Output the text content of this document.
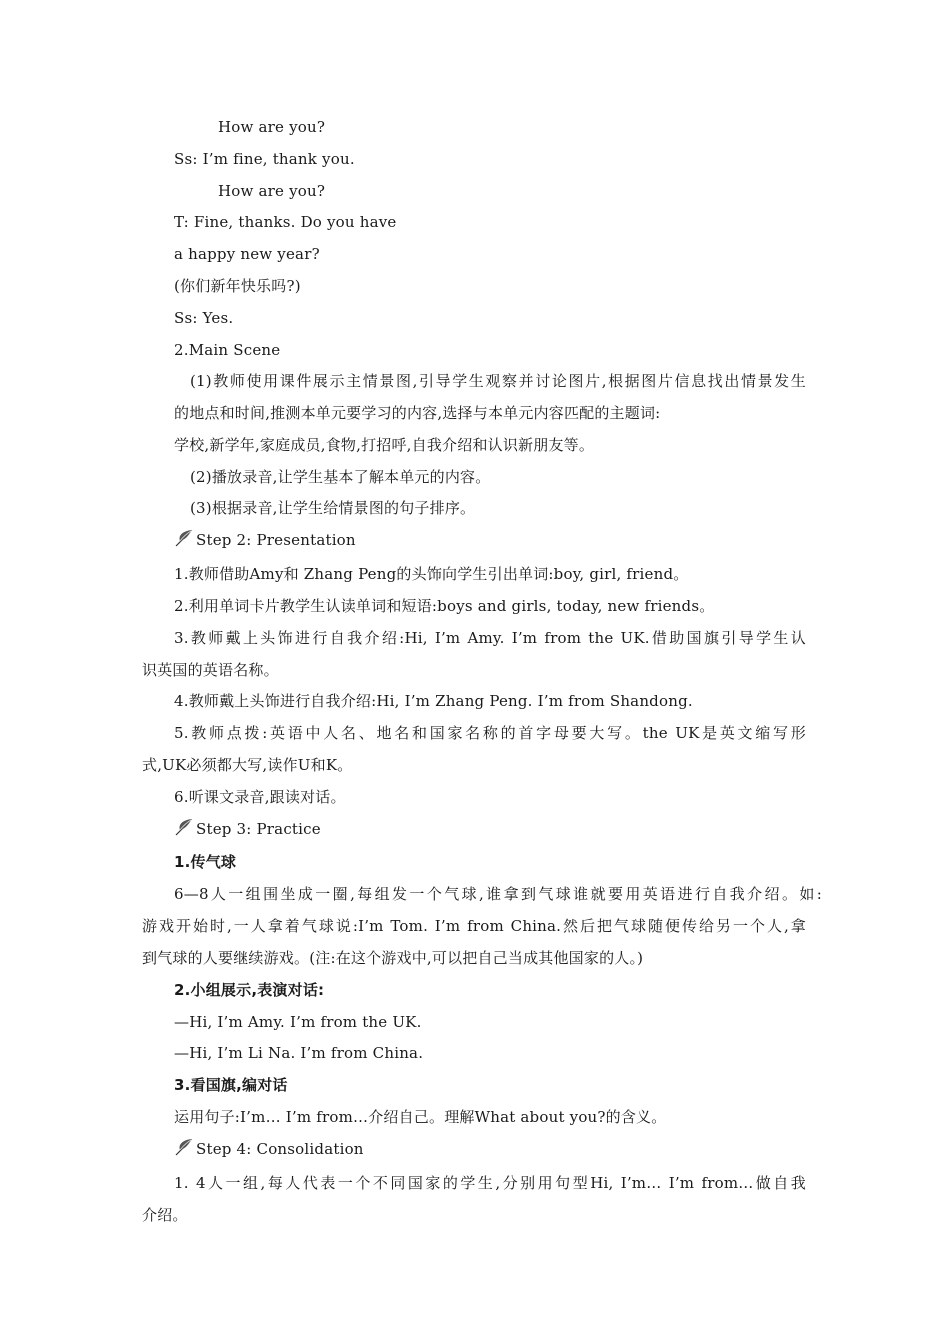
How are you?
Ss: I’m fine, thank you.
How are you?
T: Fine, thanks. Do you have
a happy new year?
(你们新年快乐吗?)
Ss: Yes.
2.Main Scene
(1)教师使用课件展示主情景图,引导学生观察并讨论图片,根据图片信息找出情景发生
的地点和时间,推测本单元要学习的内容,选择与本单元内容匹配的主题词:
学校,新学年,家庭成员,食物,打招呼,自我介绍和认识新朋友等。
(2)播放录音,让学生基本了解本单元的内容。
(3)根据录音,让学生给情景图的句子排序。
Step 2: Presentation
1.教师借助Amy和 Zhang Peng的头饰向学生引出单词:boy, girl, friend。
2.利用单词卡片教学生认读单词和短语:boys and girls, today, new friends。
3.教师戴上头饰进行自我介绍:Hi, I’m Amy. I’m from the UK.借助国旗引导学生认
识英国的英语名称。
4.教师戴上头饰进行自我介绍:Hi, I’m Zhang Peng. I’m from Shandong.
5.教师点拨:英语中人名、地名和国家名称的首字母要大写。the UK是英文缩写形
式,UK必须都大写,读作U和K。
6.听课文录音,跟读对话。
Step 3: Practice
1.传气球
6—8人一组围坐成一圈,每组发一个气球,谁拿到气球谁就要用英语进行自我介绍。如:
游戏开始时,一人拿着气球说:I’m Tom. I’m from China.然后把气球随便传给另一个人,拿
到气球的人要继续游戏。(注:在这个游戏中,可以把自己当成其他国家的人。)
2.小组展示,表演对话:
—Hi, I’m Amy. I’m from the UK.
—Hi, I’m Li Na. I’m from China.
3.看国旗,编对话
运用句子:I’m… I’m from…介绍自己。理解What about you?的含义。
Step 4: Consolidation
1. 4人一组,每人代表一个不同国家的学生,分别用句型Hi, I’m… I’m from…做自我
介绍。
